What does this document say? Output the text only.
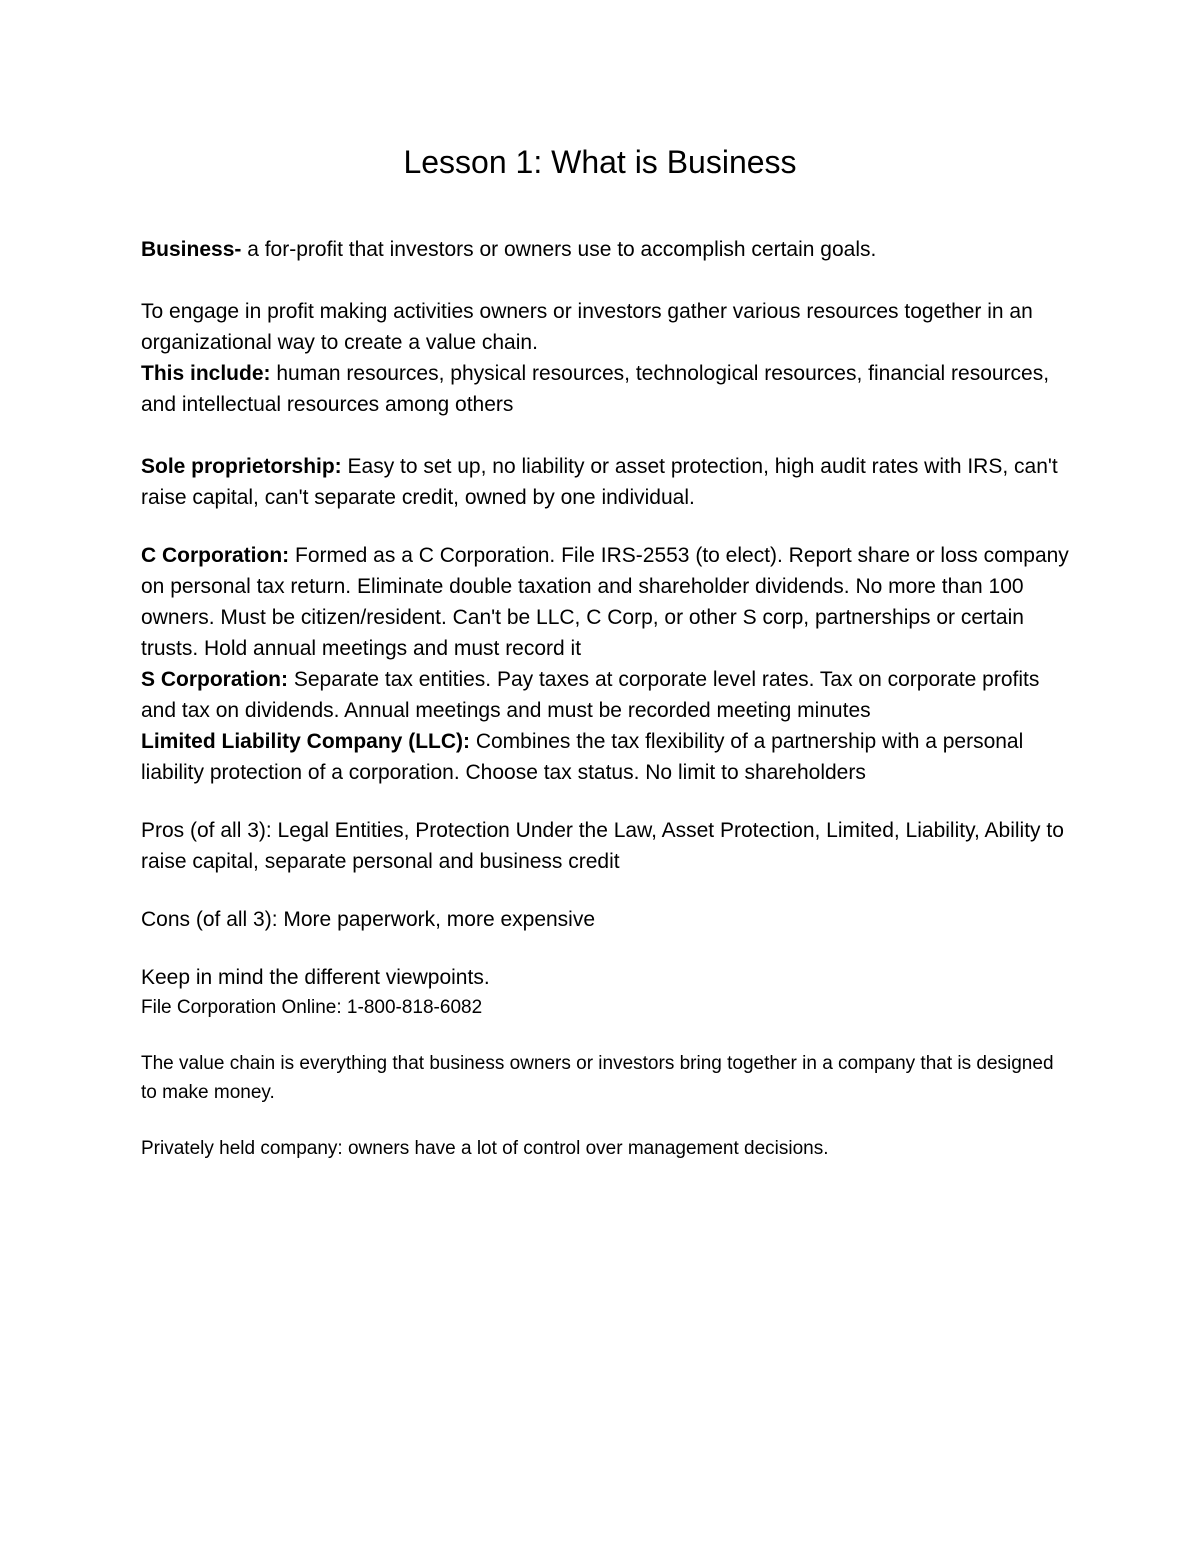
Lesson 1: What is Business

Business- a for-profit that investors or owners use to accomplish certain goals.

To engage in profit making activities owners or investors gather various resources together in an organizational way to create a value chain.

This include: human resources, physical resources, technological resources, financial resources, and intellectual resources among others

Sole proprietorship: Easy to set up, no liability or asset protection, high audit rates with IRS, can't raise capital, can't separate credit, owned by one individual.

C Corporation: Formed as a C Corporation. File IRS-2553 (to elect). Report share or loss company on personal tax return. Eliminate double taxation and shareholder dividends. No more than 100 owners. Must be citizen/resident. Can't be LLC, C Corp, or other S corp, partnerships or certain trusts. Hold annual meetings and must record it

S Corporation: Separate tax entities. Pay taxes at corporate level rates. Tax on corporate profits and tax on dividends. Annual meetings and must be recorded meeting minutes

Limited Liability Company (LLC): Combines the tax flexibility of a partnership with a personal liability protection of a corporation. Choose tax status. No limit to shareholders

Pros (of all 3): Legal Entities, Protection Under the Law, Asset Protection, Limited, Liability, Ability to raise capital, separate personal and business credit

Cons (of all 3): More paperwork, more expensive

Keep in mind the different viewpoints.

File Corporation Online: 1-800-818-6082

The value chain is everything that business owners or investors bring together in a company that is designed to make money.

Privately held company: owners have a lot of control over management decisions.
